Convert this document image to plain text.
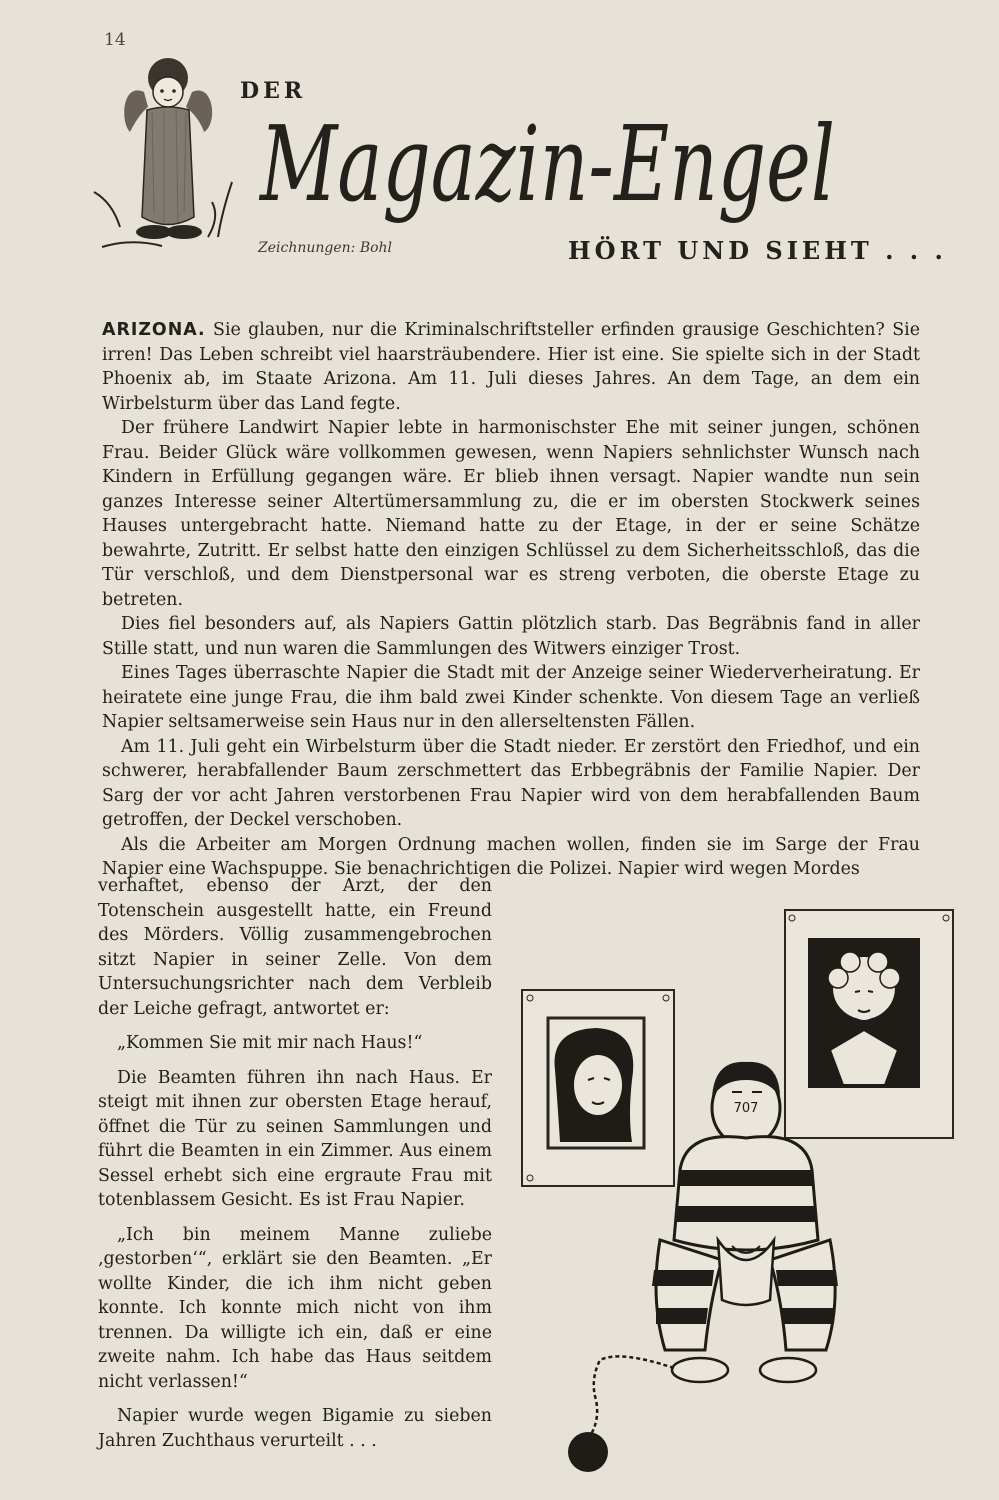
14
DER
Magazin-Engel
Zeichnungen: Bohl	HÖRT UND SIEHT . . .

ARIZONA. Sie glauben, nur die Kriminalschriftsteller erfinden grausige Geschichten? Sie irren! Das Leben schreibt viel haarsträubendere. Hier ist eine. Sie spielte sich in der Stadt Phoenix ab, im Staate Arizona. Am 11. Juli dieses Jahres. An dem Tage, an dem ein Wirbelsturm über das Land fegte.

Der frühere Landwirt Napier lebte in harmonischster Ehe mit seiner jungen, schönen Frau. Beider Glück wäre vollkommen gewesen, wenn Napiers sehnlichster Wunsch nach Kindern in Erfüllung gegangen wäre. Er blieb ihnen versagt. Napier wandte nun sein ganzes Interesse seiner Altertümersammlung zu, die er im obersten Stockwerk seines Hauses untergebracht hatte. Niemand hatte zu der Etage, in der er seine Schätze bewahrte, Zutritt. Er selbst hatte den einzigen Schlüssel zu dem Sicherheitsschloß, das die Tür verschloß, und dem Dienstpersonal war es streng verboten, die oberste Etage zu betreten.

Dies fiel besonders auf, als Napiers Gattin plötzlich starb. Das Begräbnis fand in aller Stille statt, und nun waren die Sammlungen des Witwers einziger Trost.

Eines Tages überraschte Napier die Stadt mit der Anzeige seiner Wiederverheiratung. Er heiratete eine junge Frau, die ihm bald zwei Kinder schenkte. Von diesem Tage an verließ Napier seltsamerweise sein Haus nur in den allerseltensten Fällen.

Am 11. Juli geht ein Wirbelsturm über die Stadt nieder. Er zerstört den Friedhof, und ein schwerer, herabfallender Baum zerschmettert das Erbbegräbnis der Familie Napier. Der Sarg der vor acht Jahren verstorbenen Frau Napier wird von dem herabfallenden Baum getroffen, der Deckel verschoben.

Als die Arbeiter am Morgen Ordnung machen wollen, finden sie im Sarge der Frau Napier eine Wachspuppe. Sie benachrichtigen die Polizei. Napier wird wegen Mordes

verhaftet, ebenso der Arzt, der den Totenschein ausgestellt hatte, ein Freund des Mörders. Völlig zusammengebrochen sitzt Napier in seiner Zelle. Von dem Untersuchungsrichter nach dem Verbleib der Leiche gefragt, antwortet er:

„Kommen Sie mit mir nach Haus!“

Die Beamten führen ihn nach Haus. Er steigt mit ihnen zur obersten Etage herauf, öffnet die Tür zu seinen Sammlungen und führt die Beamten in ein Zimmer. Aus einem Sessel erhebt sich eine ergraute Frau mit totenblassem Gesicht. Es ist Frau Napier.

„Ich bin meinem Manne zuliebe ‚gestorben‘“, erklärt sie den Beamten. „Er wollte Kinder, die ich ihm nicht geben konnte. Ich konnte mich nicht von ihm trennen. Da willigte ich ein, daß er eine zweite nahm. Ich habe das Haus seitdem nicht verlassen!“

Napier wurde wegen Bigamie zu sieben Jahren Zuchthaus verurteilt . . .

707
